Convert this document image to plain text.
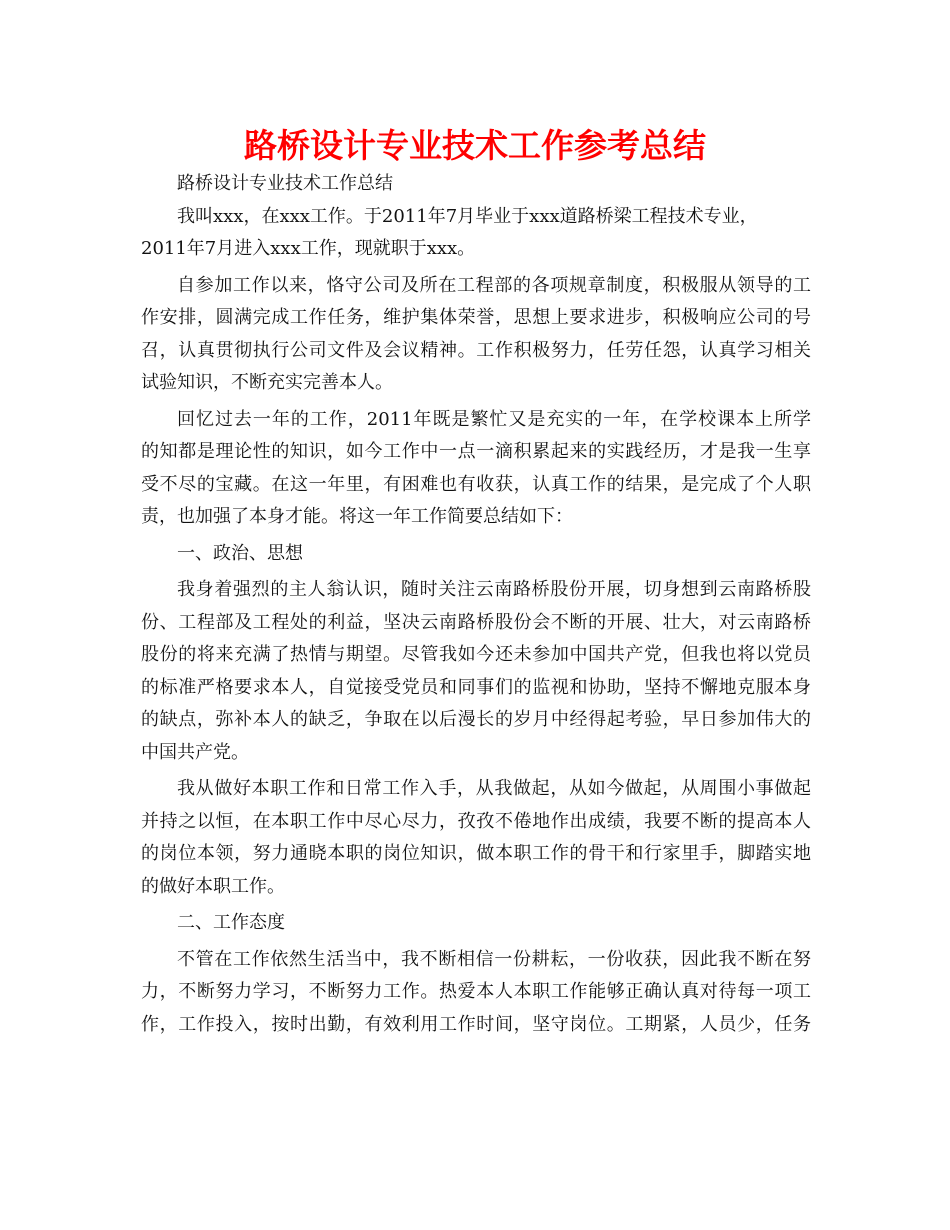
路桥设计专业技术工作参考总结
路桥设计专业技术工作总结
我叫xxx，在xxx工作。于2011年7月毕业于xxx道路桥梁工程技术专业，
2011年7月进入xxx工作，现就职于xxx。
自参加工作以来，恪守公司及所在工程部的各项规章制度，积极服从领导的工
作安排，圆满完成工作任务，维护集体荣誉，思想上要求进步，积极响应公司的号
召，认真贯彻执行公司文件及会议精神。工作积极努力，任劳任怨，认真学习相关
试验知识，不断充实完善本人。
回忆过去一年的工作，2011年既是繁忙又是充实的一年，在学校课本上所学
的知都是理论性的知识，如今工作中一点一滴积累起来的实践经历，才是我一生享
受不尽的宝藏。在这一年里，有困难也有收获，认真工作的结果，是完成了个人职
责，也加强了本身才能。将这一年工作简要总结如下：
一、政治、思想
我身着强烈的主人翁认识，随时关注云南路桥股份开展，切身想到云南路桥股
份、工程部及工程处的利益，坚决云南路桥股份会不断的开展、壮大，对云南路桥
股份的将来充满了热情与期望。尽管我如今还未参加中国共产党，但我也将以党员
的标准严格要求本人，自觉接受党员和同事们的监视和协助，坚持不懈地克服本身
的缺点，弥补本人的缺乏，争取在以后漫长的岁月中经得起考验，早日参加伟大的
中国共产党。
我从做好本职工作和日常工作入手，从我做起，从如今做起，从周围小事做起
并持之以恒，在本职工作中尽心尽力，孜孜不倦地作出成绩，我要不断的提高本人
的岗位本领，努力通晓本职的岗位知识，做本职工作的骨干和行家里手，脚踏实地
的做好本职工作。
二、工作态度
不管在工作依然生活当中，我不断相信一份耕耘，一份收获，因此我不断在努
力，不断努力学习，不断努力工作。热爱本人本职工作能够正确认真对待每一项工
作，工作投入，按时出勤，有效利用工作时间，坚守岗位。工期紧，人员少，任务
